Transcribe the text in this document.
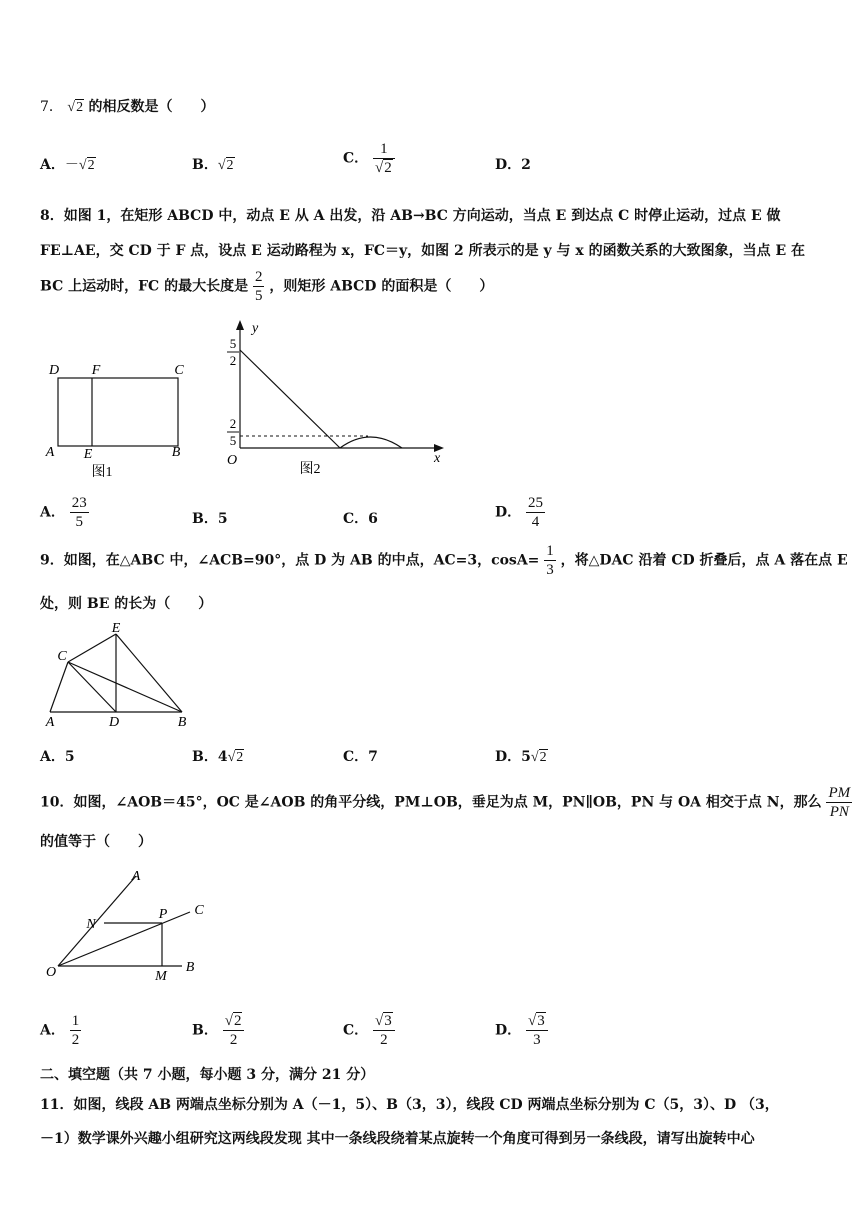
7． √2 的相反数是（　　）
A．－√2	B．√2	C． $\frac{1}{√2}$	D．2
8．如图 1，在矩形 ABCD 中，动点 E 从 A 出发，沿 AB→BC 方向运动，当点 E 到达点 C 时停止运动，过点 E 做
FE⊥AE，交 CD 于 F 点，设点 E 运动路程为 x，FC＝y，如图 2 所表示的是 y 与 x 的函数关系的大致图象，当点 E 在
BC 上运动时，FC 的最大长度是 $\frac{2}{5}$ ，则矩形 ABCD 的面积是（　　）
D F	C
A E	B
图1
y
x
O
5
2
2
5
图2
A． $\frac{23}{5}$	B．5	C．6	D． $\frac{25}{4}$
9．如图，在△ABC 中，∠ACB=90°，点 D 为 AB 的中点，AC=3，$\cos A= \frac{1}{3}$ ，将△DAC 沿着 CD 折叠后，点 A 落在点 E
处，则 BE 的长为（　　）
E
C
A	D	B
A．5	B．4√2	C．7	D．5√2
10．如图，∠AOB＝45°，OC 是∠AOB 的角平分线，PM⊥OB，垂足为点 M，PN∥OB，PN 与 OA 相交于点 N，那么 $\frac{PM}{PN}$
的值等于（　　）
A
C
N
P
O	M
B
A． $\frac{1}{2}$	B． $\frac{√2}{2}$	C． $\frac{√3}{2}$	D． $\frac{√3}{3}$
二、填空题（共 7 小题，每小题 3 分，满分 21 分）
11．如图，线段 AB 两端点坐标分别为 A（－1，5）、B（3，3），线段 CD 两端点坐标分别为 C（5，3）、D （3，
－1）数学课外兴趣小组研究这两线段发现 其中一条线段绕着某点旋转一个角度可得到另一条线段，请写出旋转中心
